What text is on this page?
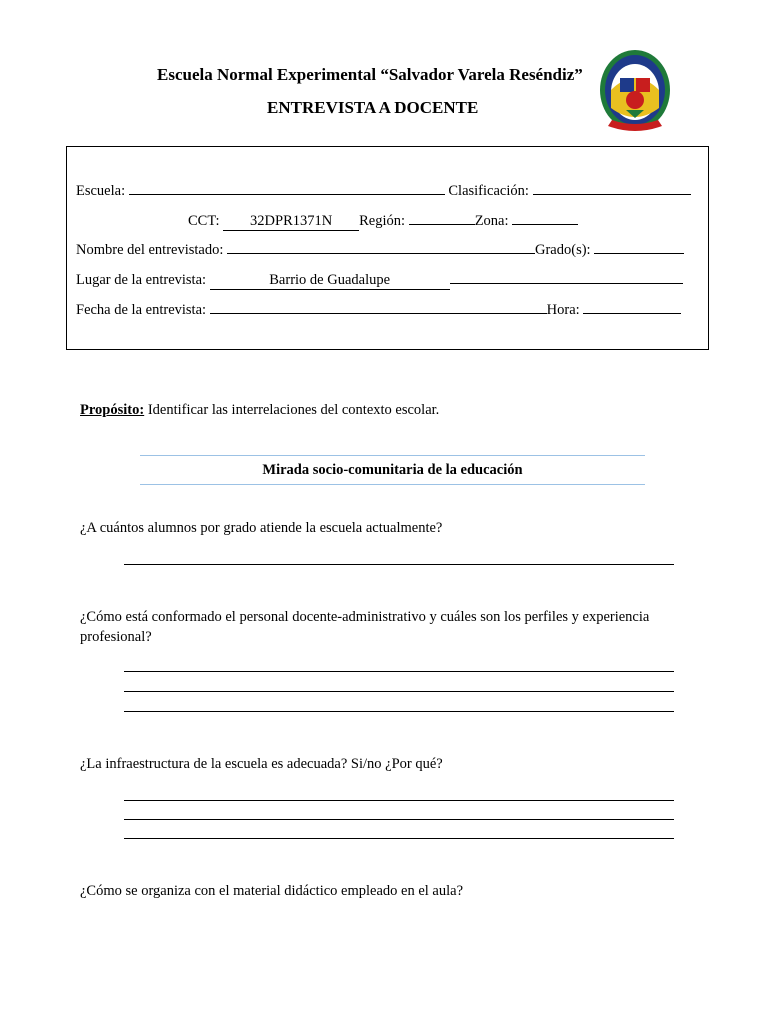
Escuela Normal Experimental “Salvador Varela Reséndiz”
ENTREVISTA A DOCENTE
Escuela:	Clasificación:
CCT: 32DPR1371N Región:	Zona:
Nombre del entrevistado:	Grado(s):
Lugar de la entrevista:	Barrio de Guadalupe
Fecha de la entrevista:	Hora:
Propósito: Identificar las interrelaciones del contexto escolar.
Mirada socio-comunitaria de la educación
¿A cuántos alumnos por grado atiende la escuela actualmente?
¿Cómo está conformado el personal docente-administrativo y cuáles son los perfiles y experiencia
profesional?
¿La infraestructura de la escuela es adecuada? Si/no ¿Por qué?
¿Cómo se organiza con el material didáctico empleado en el aula?
